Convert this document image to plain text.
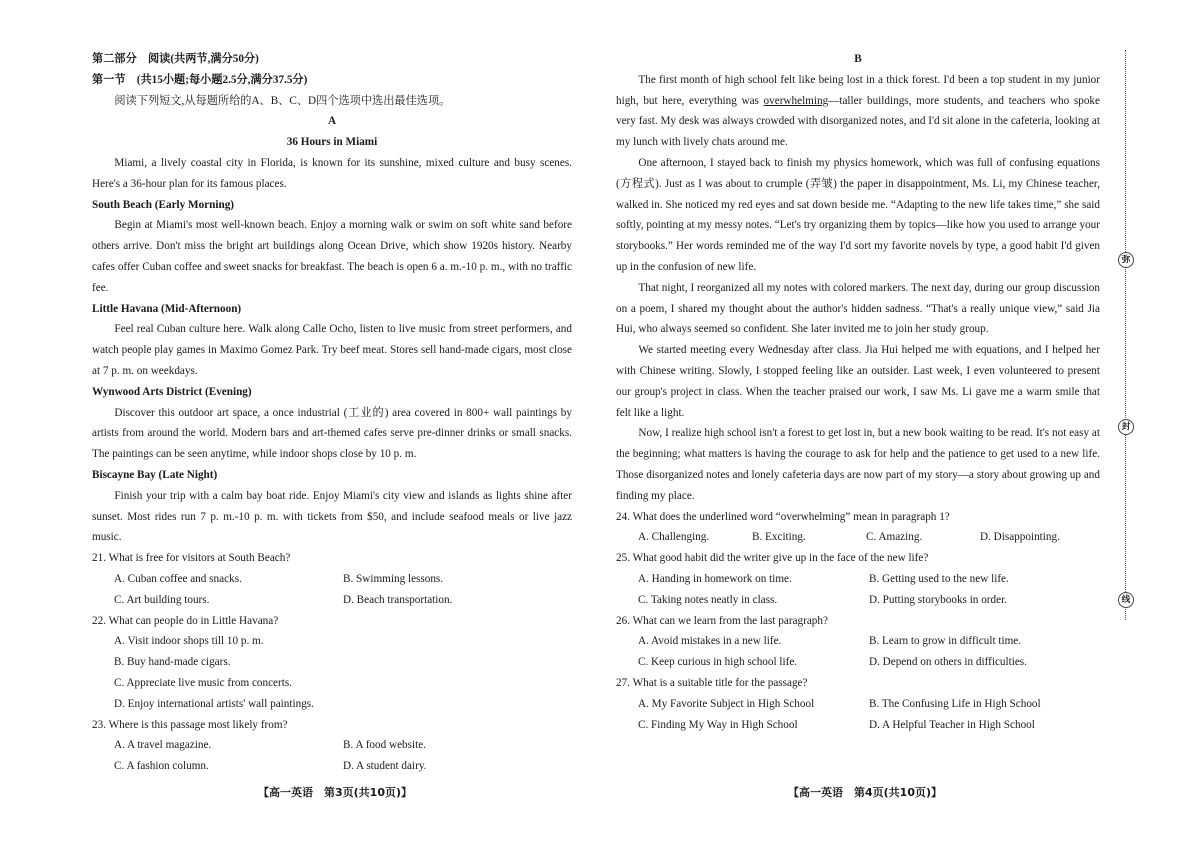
第二部分　阅读(共两节,满分50分)

第一节　(共15小题;每小题2.5分,满分37.5分)

阅读下列短文,从每题所给的A、B、C、D四个选项中选出最佳选项。

A

36 Hours in Miami

Miami, a lively coastal city in Florida, is known for its sunshine, mixed culture and busy scenes. Here's a 36-hour plan for its famous places.

South Beach (Early Morning)

Begin at Miami's most well-known beach. Enjoy a morning walk or swim on soft white sand before others arrive. Don't miss the bright art buildings along Ocean Drive, which show 1920s history. Nearby cafes offer Cuban coffee and sweet snacks for breakfast. The beach is open 6 a. m.-10 p. m., with no traffic fee.

Little Havana (Mid-Afternoon)

Feel real Cuban culture here. Walk along Calle Ocho, listen to live music from street performers, and watch people play games in Maximo Gomez Park. Try beef meat. Stores sell hand-made cigars, most close at 7 p. m. on weekdays.

Wynwood Arts District (Evening)

Discover this outdoor art space, a once industrial (工业的) area covered in 800+ wall paintings by artists from around the world. Modern bars and art-themed cafes serve pre-dinner drinks or small snacks. The paintings can be seen anytime, while indoor shops close by 10 p. m.

Biscayne Bay (Late Night)

Finish your trip with a calm bay boat ride. Enjoy Miami's city view and islands as lights shine after sunset. Most rides run 7 p. m.-10 p. m. with tickets from $50, and include seafood meals or live jazz music.

21. What is free for visitors at South Beach?

A. Cuban coffee and snacks.	B. Swimming lessons.
C. Art building tours.	D. Beach transportation.

22. What can people do in Little Havana?

A. Visit indoor shops till 10 p. m.

B. Buy hand-made cigars.

C. Appreciate live music from concerts.

D. Enjoy international artists' wall paintings.

23. Where is this passage most likely from?

A. A travel magazine.	B. A food website.
C. A fashion column.	D. A student dairy.
【高一英语　第3页(共10页)】

B

The first month of high school felt like being lost in a thick forest. I'd been a top student in my junior high, but here, everything was overwhelming—taller buildings, more students, and teachers who spoke very fast. My desk was always crowded with disorganized notes, and I'd sit alone in the cafeteria, looking at my lunch with lively chats around me.

One afternoon, I stayed back to finish my physics homework, which was full of confusing equations (方程式). Just as I was about to crumple (弄皱) the paper in disappointment, Ms. Li, my Chinese teacher, walked in. She noticed my red eyes and sat down beside me. “Adapting to the new life takes time,” she said softly, pointing at my messy notes. “Let's try organizing them by topics—like how you used to arrange your storybooks.” Her words reminded me of the way I'd sort my favorite novels by type, a good habit I'd given up in the confusion of new life.

That night, I reorganized all my notes with colored markers. The next day, during our group discussion on a poem, I shared my thought about the author's hidden sadness. “That's a really unique view,” said Jia Hui, who always seemed so confident. She later invited me to join her study group.

We started meeting every Wednesday after class. Jia Hui helped me with equations, and I helped her with Chinese writing. Slowly, I stopped feeling like an outsider. Last week, I even volunteered to present our group's project in class. When the teacher praised our work, I saw Ms. Li gave me a warm smile that felt like a light.

Now, I realize high school isn't a forest to get lost in, but a new book waiting to be read. It's not easy at the beginning; what matters is having the courage to ask for help and the patience to get used to a new life. Those disorganized notes and lonely cafeteria days are now part of my story—a story about growing up and finding my place.

24. What does the underlined word “overwhelming” mean in paragraph 1?

A. Challenging.	B. Exciting.	C. Amazing.	D. Disappointing.

25. What good habit did the writer give up in the face of the new life?

A. Handing in homework on time.	B. Getting used to the new life.
C. Taking notes neatly in class.	D. Putting storybooks in order.

26. What can we learn from the last paragraph?

A. Avoid mistakes in a new life.	B. Learn to grow in difficult time.
C. Keep curious in high school life.	D. Depend on others in difficulties.

27. What is a suitable title for the passage?

A. My Favorite Subject in High School	B. The Confusing Life in High School
C. Finding My Way in High School	D. A Helpful Teacher in High School
【高一英语　第4页(共10页)】
弥
封
线
